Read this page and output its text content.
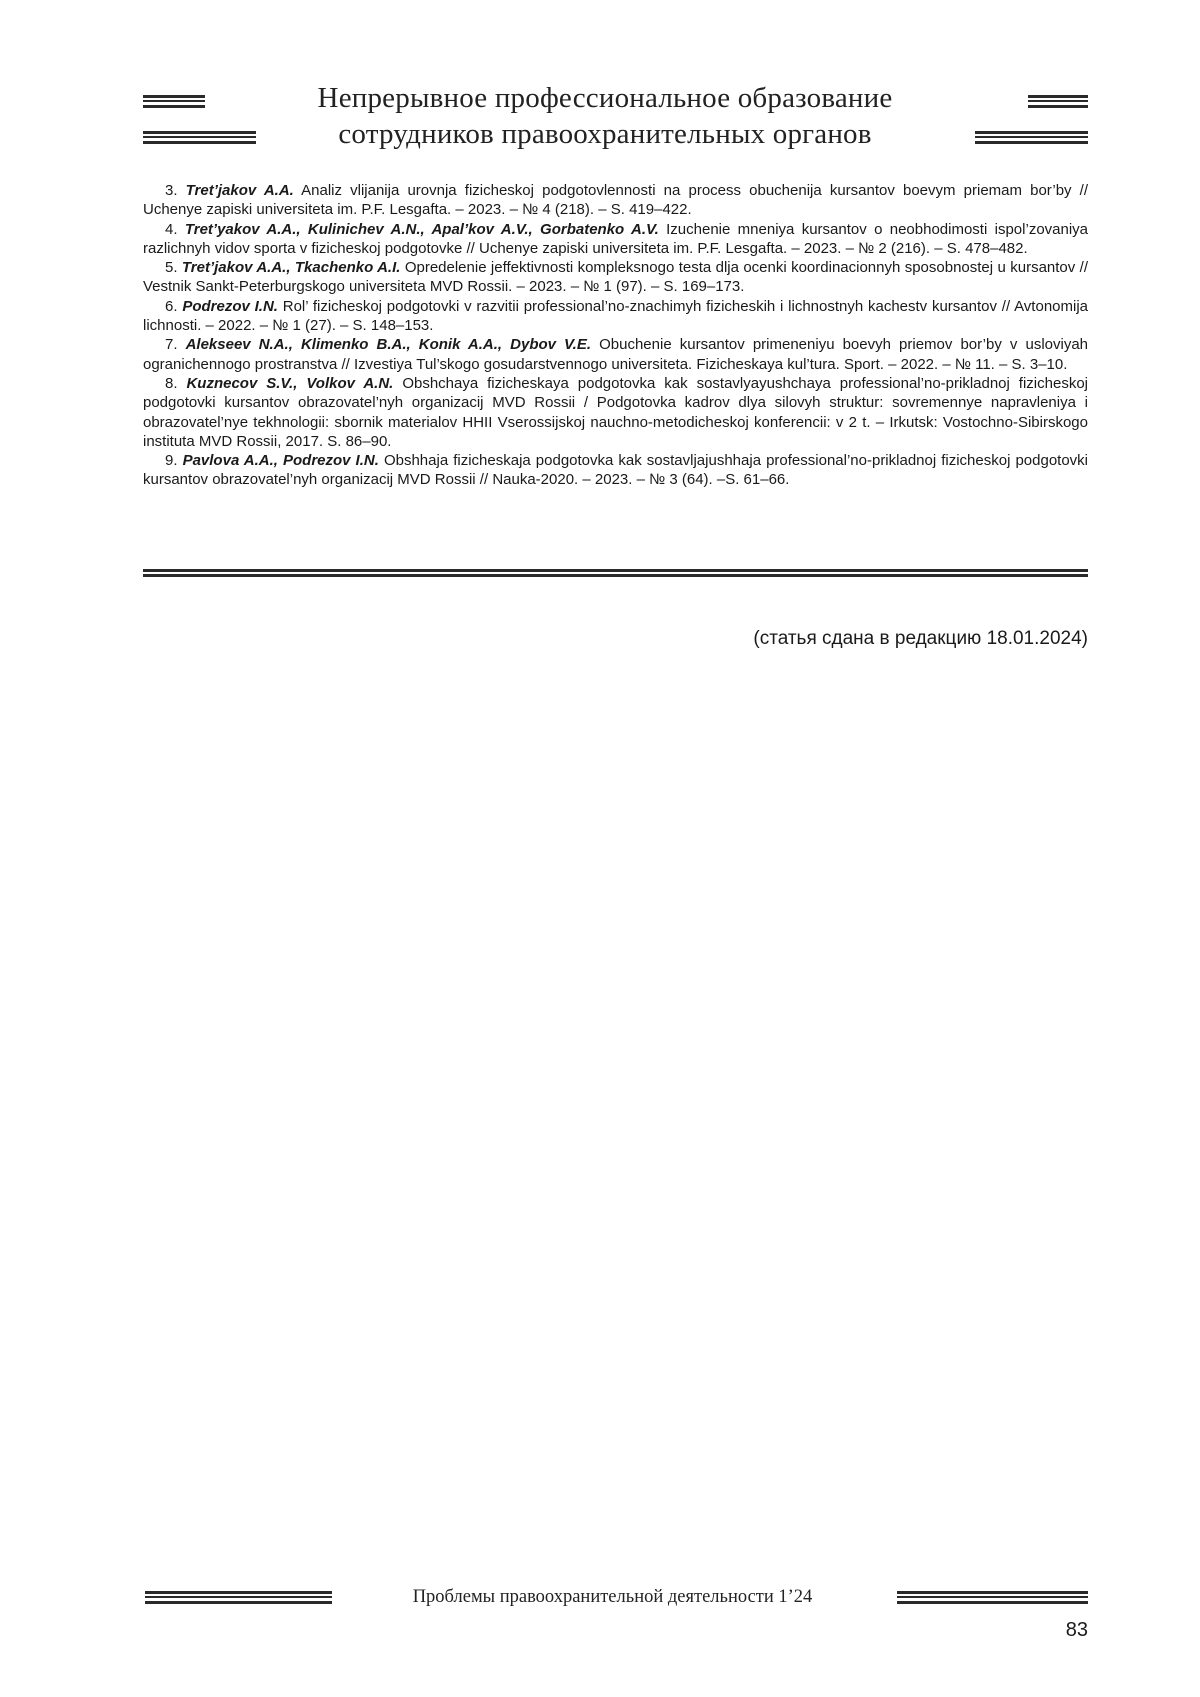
Непрерывное профессиональное образование
сотрудников правоохранительных органов

3. Tret’jakov A.A. Analiz vlijanija urovnja fizicheskoj podgotovlennosti na process obuchenija kursantov boevym priemam bor’by // Uchenye zapiski universiteta im. P.F. Lesgafta. – 2023. – № 4 (218). – S. 419–422.

4. Tret’yakov A.A., Kulinichev A.N., Apal’kov A.V., Gorbatenko A.V. Izuchenie mneniya kursantov o neobhodimosti ispol’zovaniya razlichnyh vidov sporta v fizicheskoj podgotovke // Uchenye zapiski universiteta im. P.F. Lesgafta. – 2023. – № 2 (216). – S. 478–482.

5. Tret’jakov A.A., Tkachenko A.I. Opredelenie jeffektivnosti kompleksnogo testa dlja ocenki koordinacionnyh sposobnostej u kursantov // Vestnik Sankt-Peterburgskogo universiteta MVD Rossii. – 2023. – № 1 (97). – S. 169–173.

6. Podrezov I.N. Rol’ fizicheskoj podgotovki v razvitii professional’no-znachimyh fizicheskih i lichnostnyh kachestv kursantov // Avtonomija lichnosti. – 2022. – № 1 (27). – S. 148–153.

7. Alekseev N.A., Klimenko B.A., Konik A.A., Dybov V.E. Obuchenie kursantov primeneniyu boevyh priemov bor’by v usloviyah ogranichennogo prostranstva // Izvestiya Tul’skogo gosudarstvennogo universiteta. Fizicheskaya kul’tura. Sport. – 2022. – № 11. – S. 3–10.

8. Kuznecov S.V., Volkov A.N. Obshchaya fizicheskaya podgotovka kak sostavlyayushchaya professional’no-prikladnoj fizicheskoj podgotovki kursantov obrazovatel’nyh organizacij MVD Rossii / Podgotovka kadrov dlya silovyh struktur: sovremennye napravleniya i obrazovatel’nye tekhnologii: sbornik materialov HHII Vserossijskoj nauchno-metodicheskoj konferencii: v 2 t. – Irkutsk: Vostochno-Sibirskogo instituta MVD Rossii, 2017. S. 86–90.

9. Pavlova A.A., Podrezov I.N. Obshhaja fizicheskaja podgotovka kak sostavljajushhaja professional’no-prikladnoj fizicheskoj podgotovki kursantov obrazovatel’nyh organizacij MVD Rossii // Nauka-2020. – 2023. – № 3 (64). –S. 61–66.

(статья сдана в редакцию 18.01.2024)
Проблемы правоохранительной деятельности 1’24
83
